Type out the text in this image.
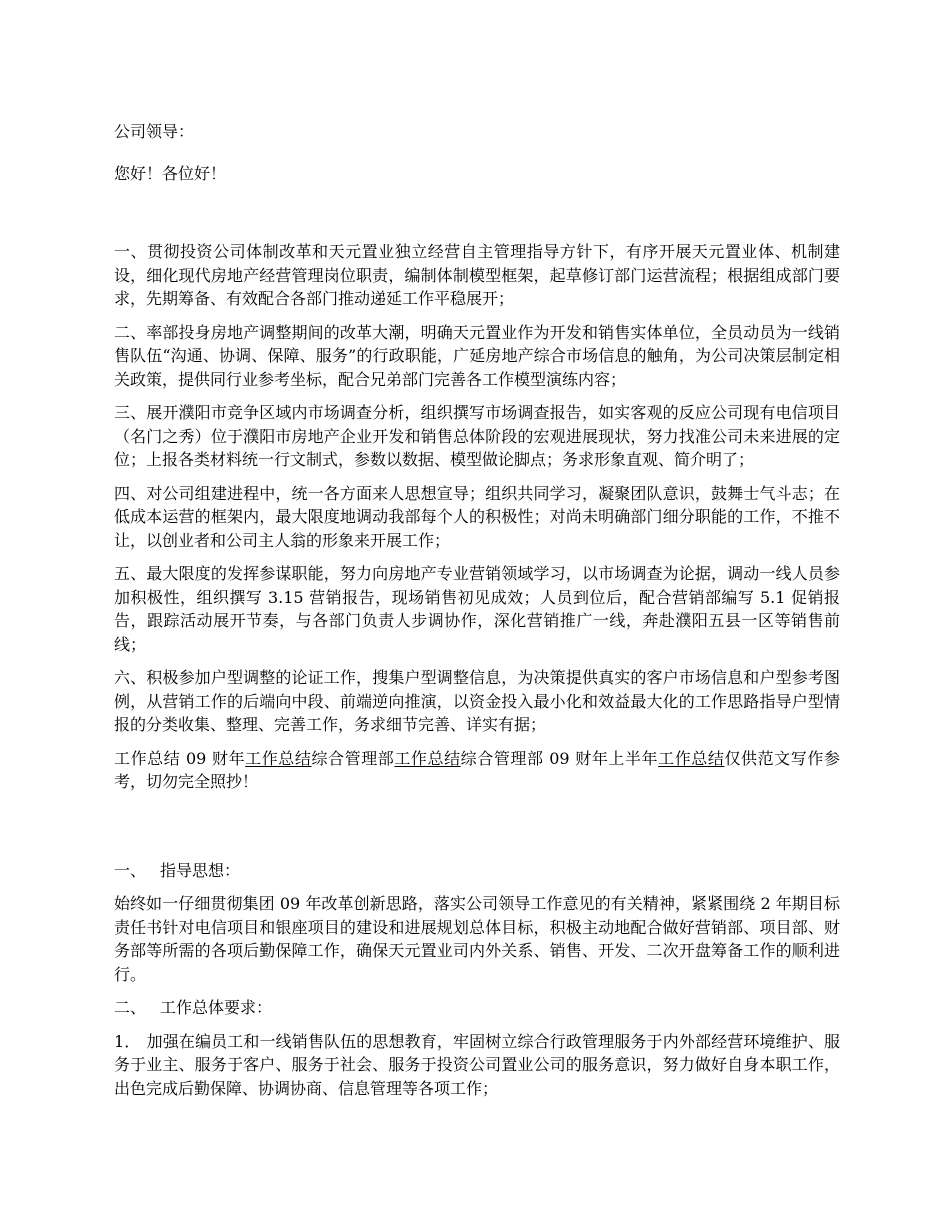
公司领导：

您好！各位好！

一、贯彻投资公司体制改革和天元置业独立经营自主管理指导方针下，有序开展天元置业体、机制建设，细化现代房地产经营管理岗位职责，编制体制模型框架，起草修订部门运营流程；根据组成部门要求，先期筹备、有效配合各部门推动递延工作平稳展开；

二、率部投身房地产调整期间的改革大潮，明确天元置业作为开发和销售实体单位，全员动员为一线销售队伍“沟通、协调、保障、服务”的行政职能，广延房地产综合市场信息的触角，为公司决策层制定相关政策，提供同行业参考坐标，配合兄弟部门完善各工作模型演练内容；

三、展开濮阳市竞争区域内市场调查分析，组织撰写市场调查报告，如实客观的反应公司现有电信项目（名门之秀）位于濮阳市房地产企业开发和销售总体阶段的宏观进展现状，努力找准公司未来进展的定位；上报各类材料统一行文制式，参数以数据、模型做论脚点；务求形象直观、简介明了；

四、对公司组建进程中，统一各方面来人思想宣导；组织共同学习，凝聚团队意识，鼓舞士气斗志；在低成本运营的框架内，最大限度地调动我部每个人的积极性；对尚未明确部门细分职能的工作，不推不让，以创业者和公司主人翁的形象来开展工作；

五、最大限度的发挥参谋职能，努力向房地产专业营销领域学习，以市场调查为论据，调动一线人员参加积极性，组织撰写 3.15 营销报告，现场销售初见成效；人员到位后，配合营销部编写 5.1 促销报告，跟踪活动展开节奏，与各部门负责人步调协作，深化营销推广一线，奔赴濮阳五县一区等销售前线；

六、积极参加户型调整的论证工作，搜集户型调整信息，为决策提供真实的客户市场信息和户型参考图例，从营销工作的后端向中段、前端逆向推演，以资金投入最小化和效益最大化的工作思路指导户型情报的分类收集、整理、完善工作，务求细节完善、详实有据；

工作总结 09 财年工作总结综合管理部工作总结综合管理部 09 财年上半年工作总结仅供范文写作参考，切勿完全照抄！

一、 指导思想：

始终如一仔细贯彻集团 09 年改革创新思路，落实公司领导工作意见的有关精神，紧紧围绕 2 年期目标责任书针对电信项目和银座项目的建设和进展规划总体目标，积极主动地配合做好营销部、项目部、财务部等所需的各项后勤保障工作，确保天元置业司内外关系、销售、开发、二次开盘筹备工作的顺利进行。

二、 工作总体要求：

1． 加强在编员工和一线销售队伍的思想教育，牢固树立综合行政管理服务于内外部经营环境维护、服务于业主、服务于客户、服务于社会、服务于投资公司置业公司的服务意识，努力做好自身本职工作，出色完成后勤保障、协调协商、信息管理等各项工作；
